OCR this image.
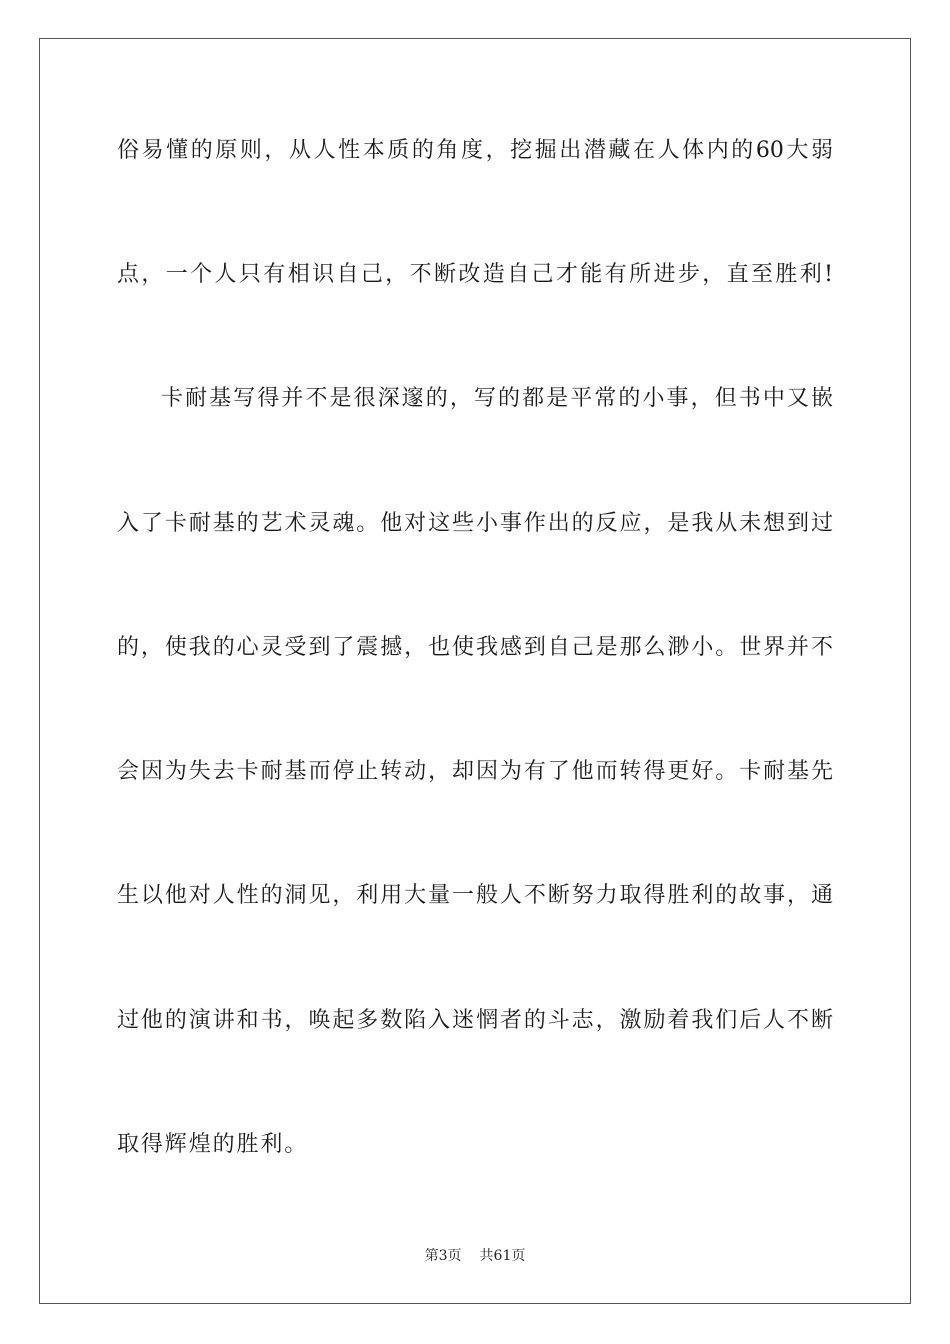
俗易懂的原则，从人性本质的角度，挖掘出潜藏在人体内的60大弱
点，一个人只有相识自己，不断改造自己才能有所进步，直至胜利!
卡耐基写得并不是很深邃的，写的都是平常的小事，但书中又嵌
入了卡耐基的艺术灵魂。他对这些小事作出的反应，是我从未想到过
的，使我的心灵受到了震撼，也使我感到自己是那么渺小。世界并不
会因为失去卡耐基而停止转动，却因为有了他而转得更好。卡耐基先
生以他对人性的洞见，利用大量一般人不断努力取得胜利的故事，通
过他的演讲和书，唤起多数陷入迷惘者的斗志，激励着我们后人不断
取得辉煌的胜利。
第3页 共61页
